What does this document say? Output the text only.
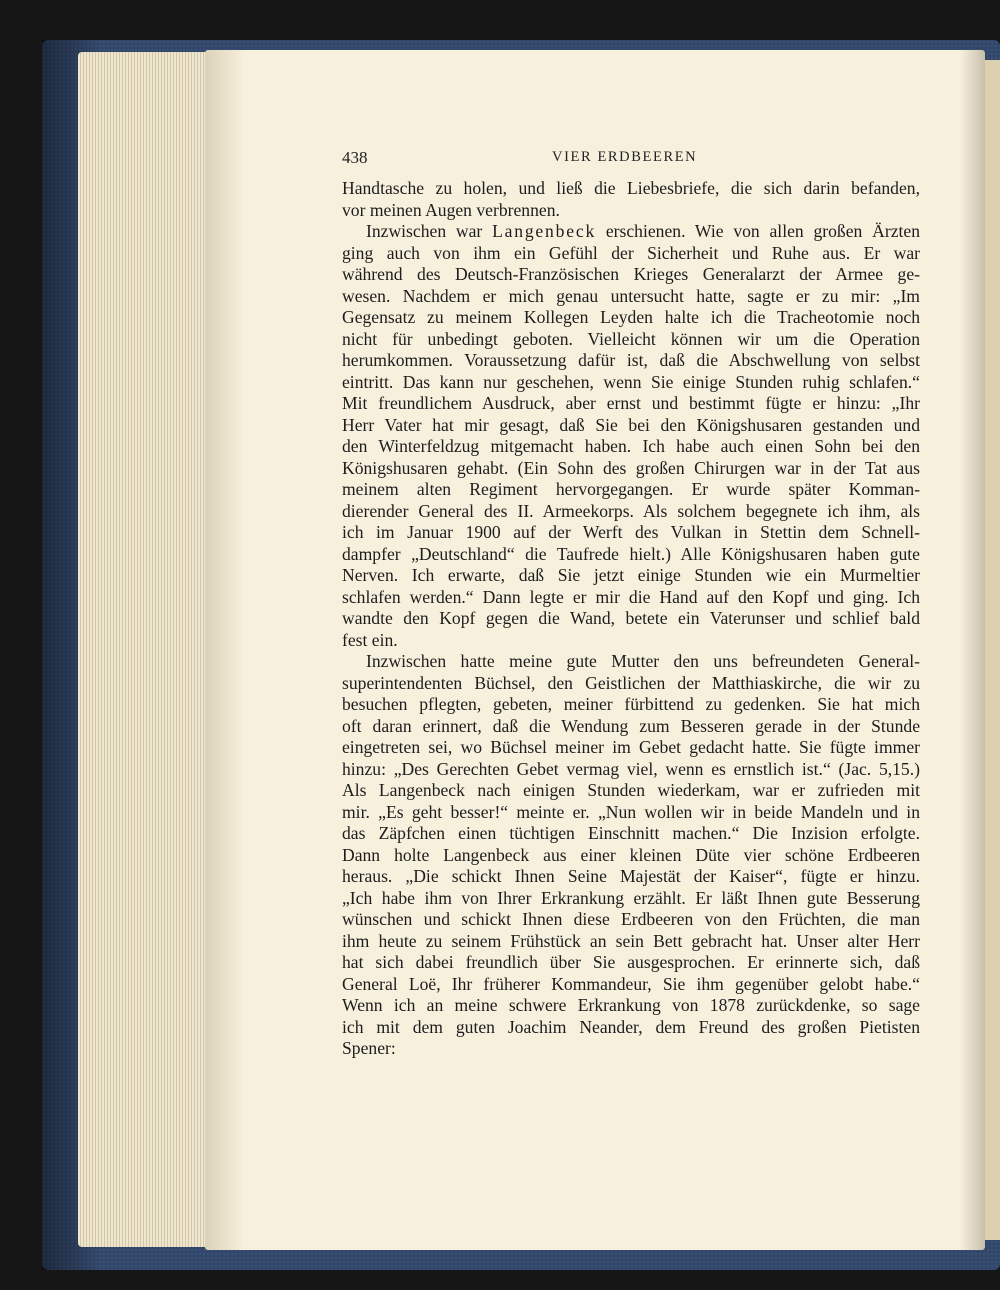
438	VIER ERDBEEREN
Handtasche zu holen, und ließ die Liebesbriefe, die sich darin befanden,
vor meinen Augen verbrennen.
Inzwischen war Langenbeck erschienen. Wie von allen großen Ärzten
ging auch von ihm ein Gefühl der Sicherheit und Ruhe aus. Er war
während des Deutsch-Französischen Krieges Generalarzt der Armee ge-
wesen. Nachdem er mich genau untersucht hatte, sagte er zu mir: „Im
Gegensatz zu meinem Kollegen Leyden halte ich die Tracheotomie noch
nicht für unbedingt geboten. Vielleicht können wir um die Operation
herumkommen. Voraussetzung dafür ist, daß die Abschwellung von selbst
eintritt. Das kann nur geschehen, wenn Sie einige Stunden ruhig schlafen.“
Mit freundlichem Ausdruck, aber ernst und bestimmt fügte er hinzu: „Ihr
Herr Vater hat mir gesagt, daß Sie bei den Königshusaren gestanden und
den Winterfeldzug mitgemacht haben. Ich habe auch einen Sohn bei den
Königshusaren gehabt. (Ein Sohn des großen Chirurgen war in der Tat aus
meinem alten Regiment hervorgegangen. Er wurde später Komman-
dierender General des II. Armeekorps. Als solchem begegnete ich ihm, als
ich im Januar 1900 auf der Werft des Vulkan in Stettin dem Schnell-
dampfer „Deutschland“ die Taufrede hielt.) Alle Königshusaren haben gute
Nerven. Ich erwarte, daß Sie jetzt einige Stunden wie ein Murmeltier
schlafen werden.“ Dann legte er mir die Hand auf den Kopf und ging. Ich
wandte den Kopf gegen die Wand, betete ein Vaterunser und schlief bald
fest ein.
Inzwischen hatte meine gute Mutter den uns befreundeten General-
superintendenten Büchsel, den Geistlichen der Matthiaskirche, die wir zu
besuchen pflegten, gebeten, meiner fürbittend zu gedenken. Sie hat mich
oft daran erinnert, daß die Wendung zum Besseren gerade in der Stunde
eingetreten sei, wo Büchsel meiner im Gebet gedacht hatte. Sie fügte immer
hinzu: „Des Gerechten Gebet vermag viel, wenn es ernstlich ist.“ (Jac. 5,15.)
Als Langenbeck nach einigen Stunden wiederkam, war er zufrieden mit
mir. „Es geht besser!“ meinte er. „Nun wollen wir in beide Mandeln und in
das Zäpfchen einen tüchtigen Einschnitt machen.“ Die Inzision erfolgte.
Dann holte Langenbeck aus einer kleinen Düte vier schöne Erdbeeren
heraus. „Die schickt Ihnen Seine Majestät der Kaiser“, fügte er hinzu.
„Ich habe ihm von Ihrer Erkrankung erzählt. Er läßt Ihnen gute Besserung
wünschen und schickt Ihnen diese Erdbeeren von den Früchten, die man
ihm heute zu seinem Frühstück an sein Bett gebracht hat. Unser alter Herr
hat sich dabei freundlich über Sie ausgesprochen. Er erinnerte sich, daß
General Loë, Ihr früherer Kommandeur, Sie ihm gegenüber gelobt habe.“
Wenn ich an meine schwere Erkrankung von 1878 zurückdenke, so sage
ich mit dem guten Joachim Neander, dem Freund des großen Pietisten
Spener:
